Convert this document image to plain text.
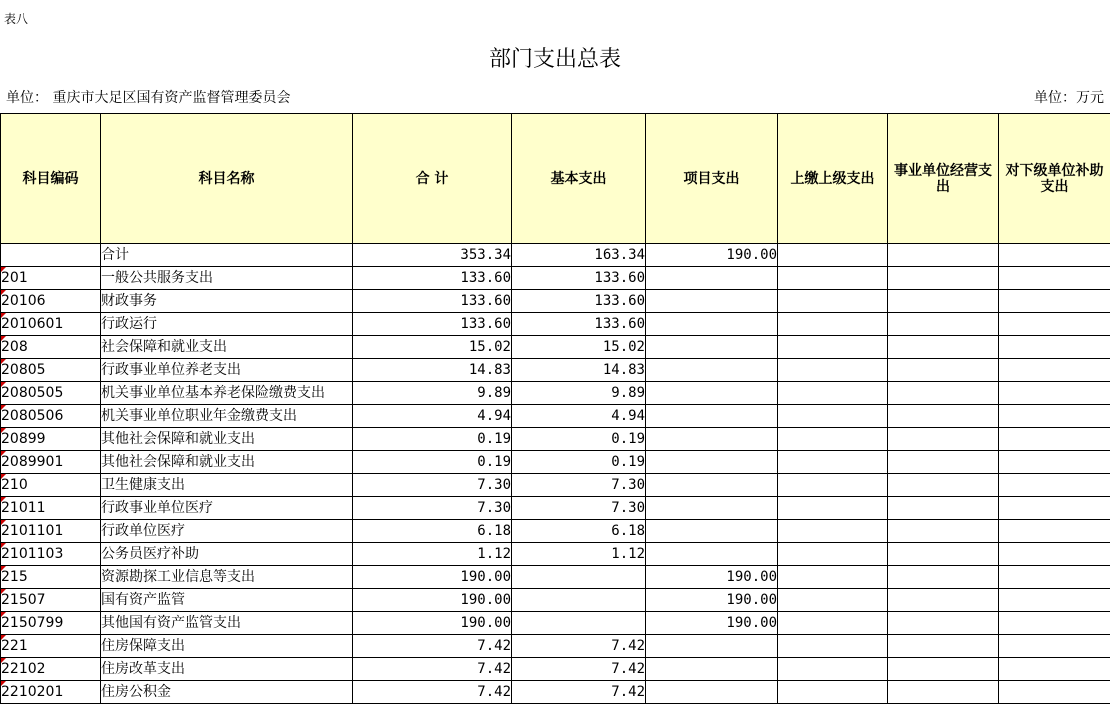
表八
部门支出总表
单位： 重庆市大足区国有资产监督管理委员会	单位：万元
科目编码	科目名称	合 计	基本支出	项目支出	上缴上级支出	事业单位经营支出	对下级单位补助支出
	合计	353.34	163.34	190.00			

201	一般公共服务支出	133.60	133.60				

20106	财政事务	133.60	133.60				

2010601	行政运行	133.60	133.60				

208	社会保障和就业支出	15.02	15.02				

20805	行政事业单位养老支出	14.83	14.83				

2080505	机关事业单位基本养老保险缴费支出	9.89	9.89				

2080506	机关事业单位职业年金缴费支出	4.94	4.94				

20899	其他社会保障和就业支出	0.19	0.19				

2089901	其他社会保障和就业支出	0.19	0.19				

210	卫生健康支出	7.30	7.30				

21011	行政事业单位医疗	7.30	7.30				

2101101	行政单位医疗	6.18	6.18				

2101103	公务员医疗补助	1.12	1.12				

215	资源勘探工业信息等支出	190.00		190.00			

21507	国有资产监管	190.00		190.00			

2150799	其他国有资产监管支出	190.00		190.00			

221	住房保障支出	7.42	7.42				

22102	住房改革支出	7.42	7.42				

2210201	住房公积金	7.42	7.42				
